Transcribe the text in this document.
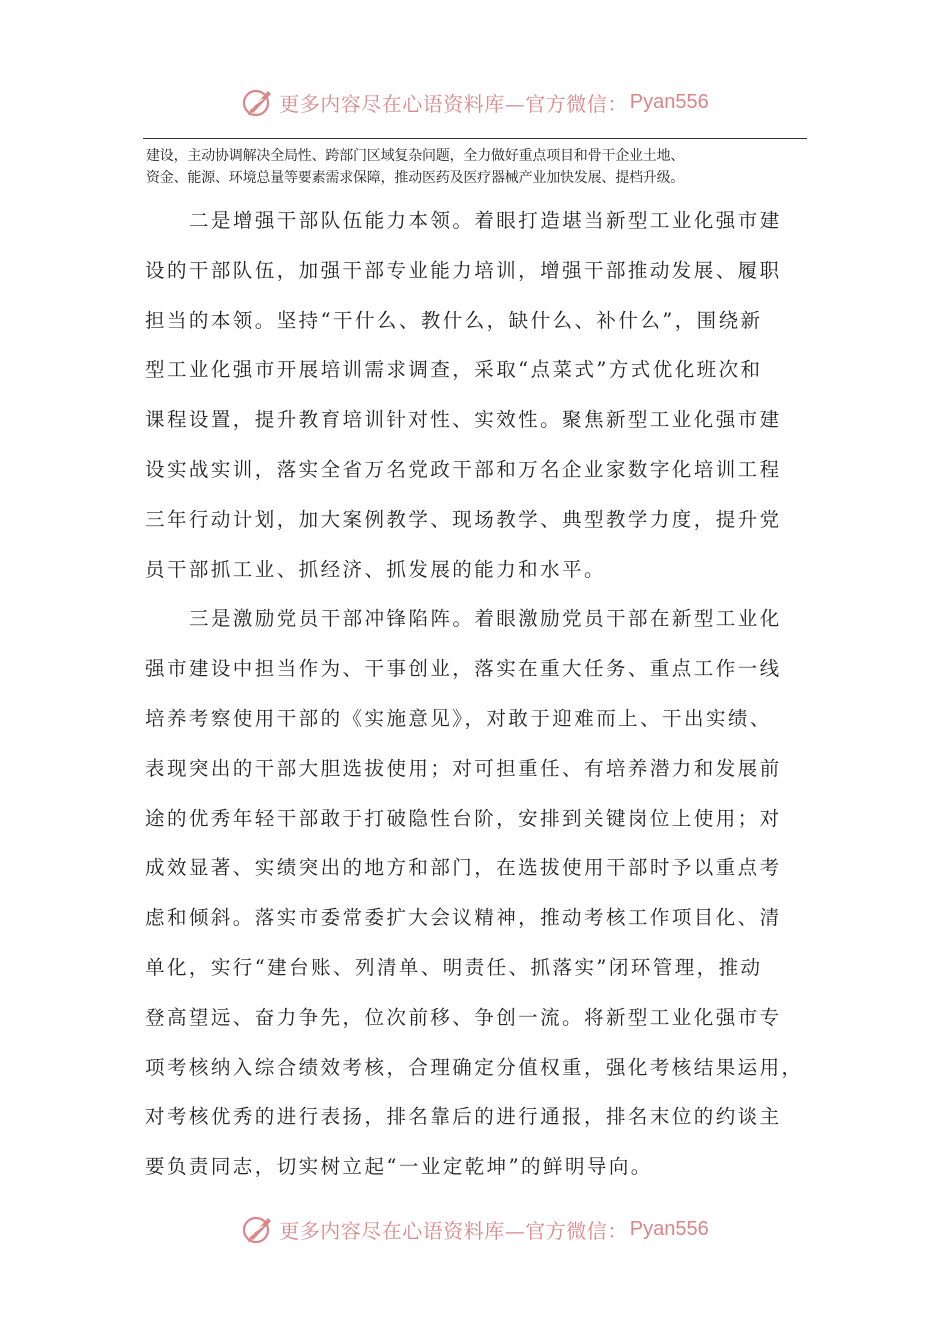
更多内容尽在心语资料库—官方微信： Pyan556
建设，主动协调解决全局性、跨部门区域复杂问题，全力做好重点项目和骨干企业土地、
资金、能源、环境总量等要素需求保障，推动医药及医疗器械产业加快发展、提档升级。
二是增强干部队伍能力本领。着眼打造堪当新型工业化强市建
设的干部队伍，加强干部专业能力培训，增强干部推动发展、履职
担当的本领。坚持“干什么、教什么，缺什么、补什么”，围绕新
型工业化强市开展培训需求调查，采取“点菜式”方式优化班次和
课程设置，提升教育培训针对性、实效性。聚焦新型工业化强市建
设实战实训，落实全省万名党政干部和万名企业家数字化培训工程
三年行动计划，加大案例教学、现场教学、典型教学力度，提升党
员干部抓工业、抓经济、抓发展的能力和水平。
三是激励党员干部冲锋陷阵。着眼激励党员干部在新型工业化
强市建设中担当作为、干事创业，落实在重大任务、重点工作一线
培养考察使用干部的《实施意见》，对敢于迎难而上、干出实绩、
表现突出的干部大胆选拔使用；对可担重任、有培养潜力和发展前
途的优秀年轻干部敢于打破隐性台阶，安排到关键岗位上使用；对
成效显著、实绩突出的地方和部门，在选拔使用干部时予以重点考
虑和倾斜。落实市委常委扩大会议精神，推动考核工作项目化、清
单化，实行“建台账、列清单、明责任、抓落实”闭环管理，推动
登高望远、奋力争先，位次前移、争创一流。将新型工业化强市专
项考核纳入综合绩效考核，合理确定分值权重，强化考核结果运用，
对考核优秀的进行表扬，排名靠后的进行通报，排名末位的约谈主
要负责同志，切实树立起“一业定乾坤”的鲜明导向。
更多内容尽在心语资料库—官方微信： Pyan556
